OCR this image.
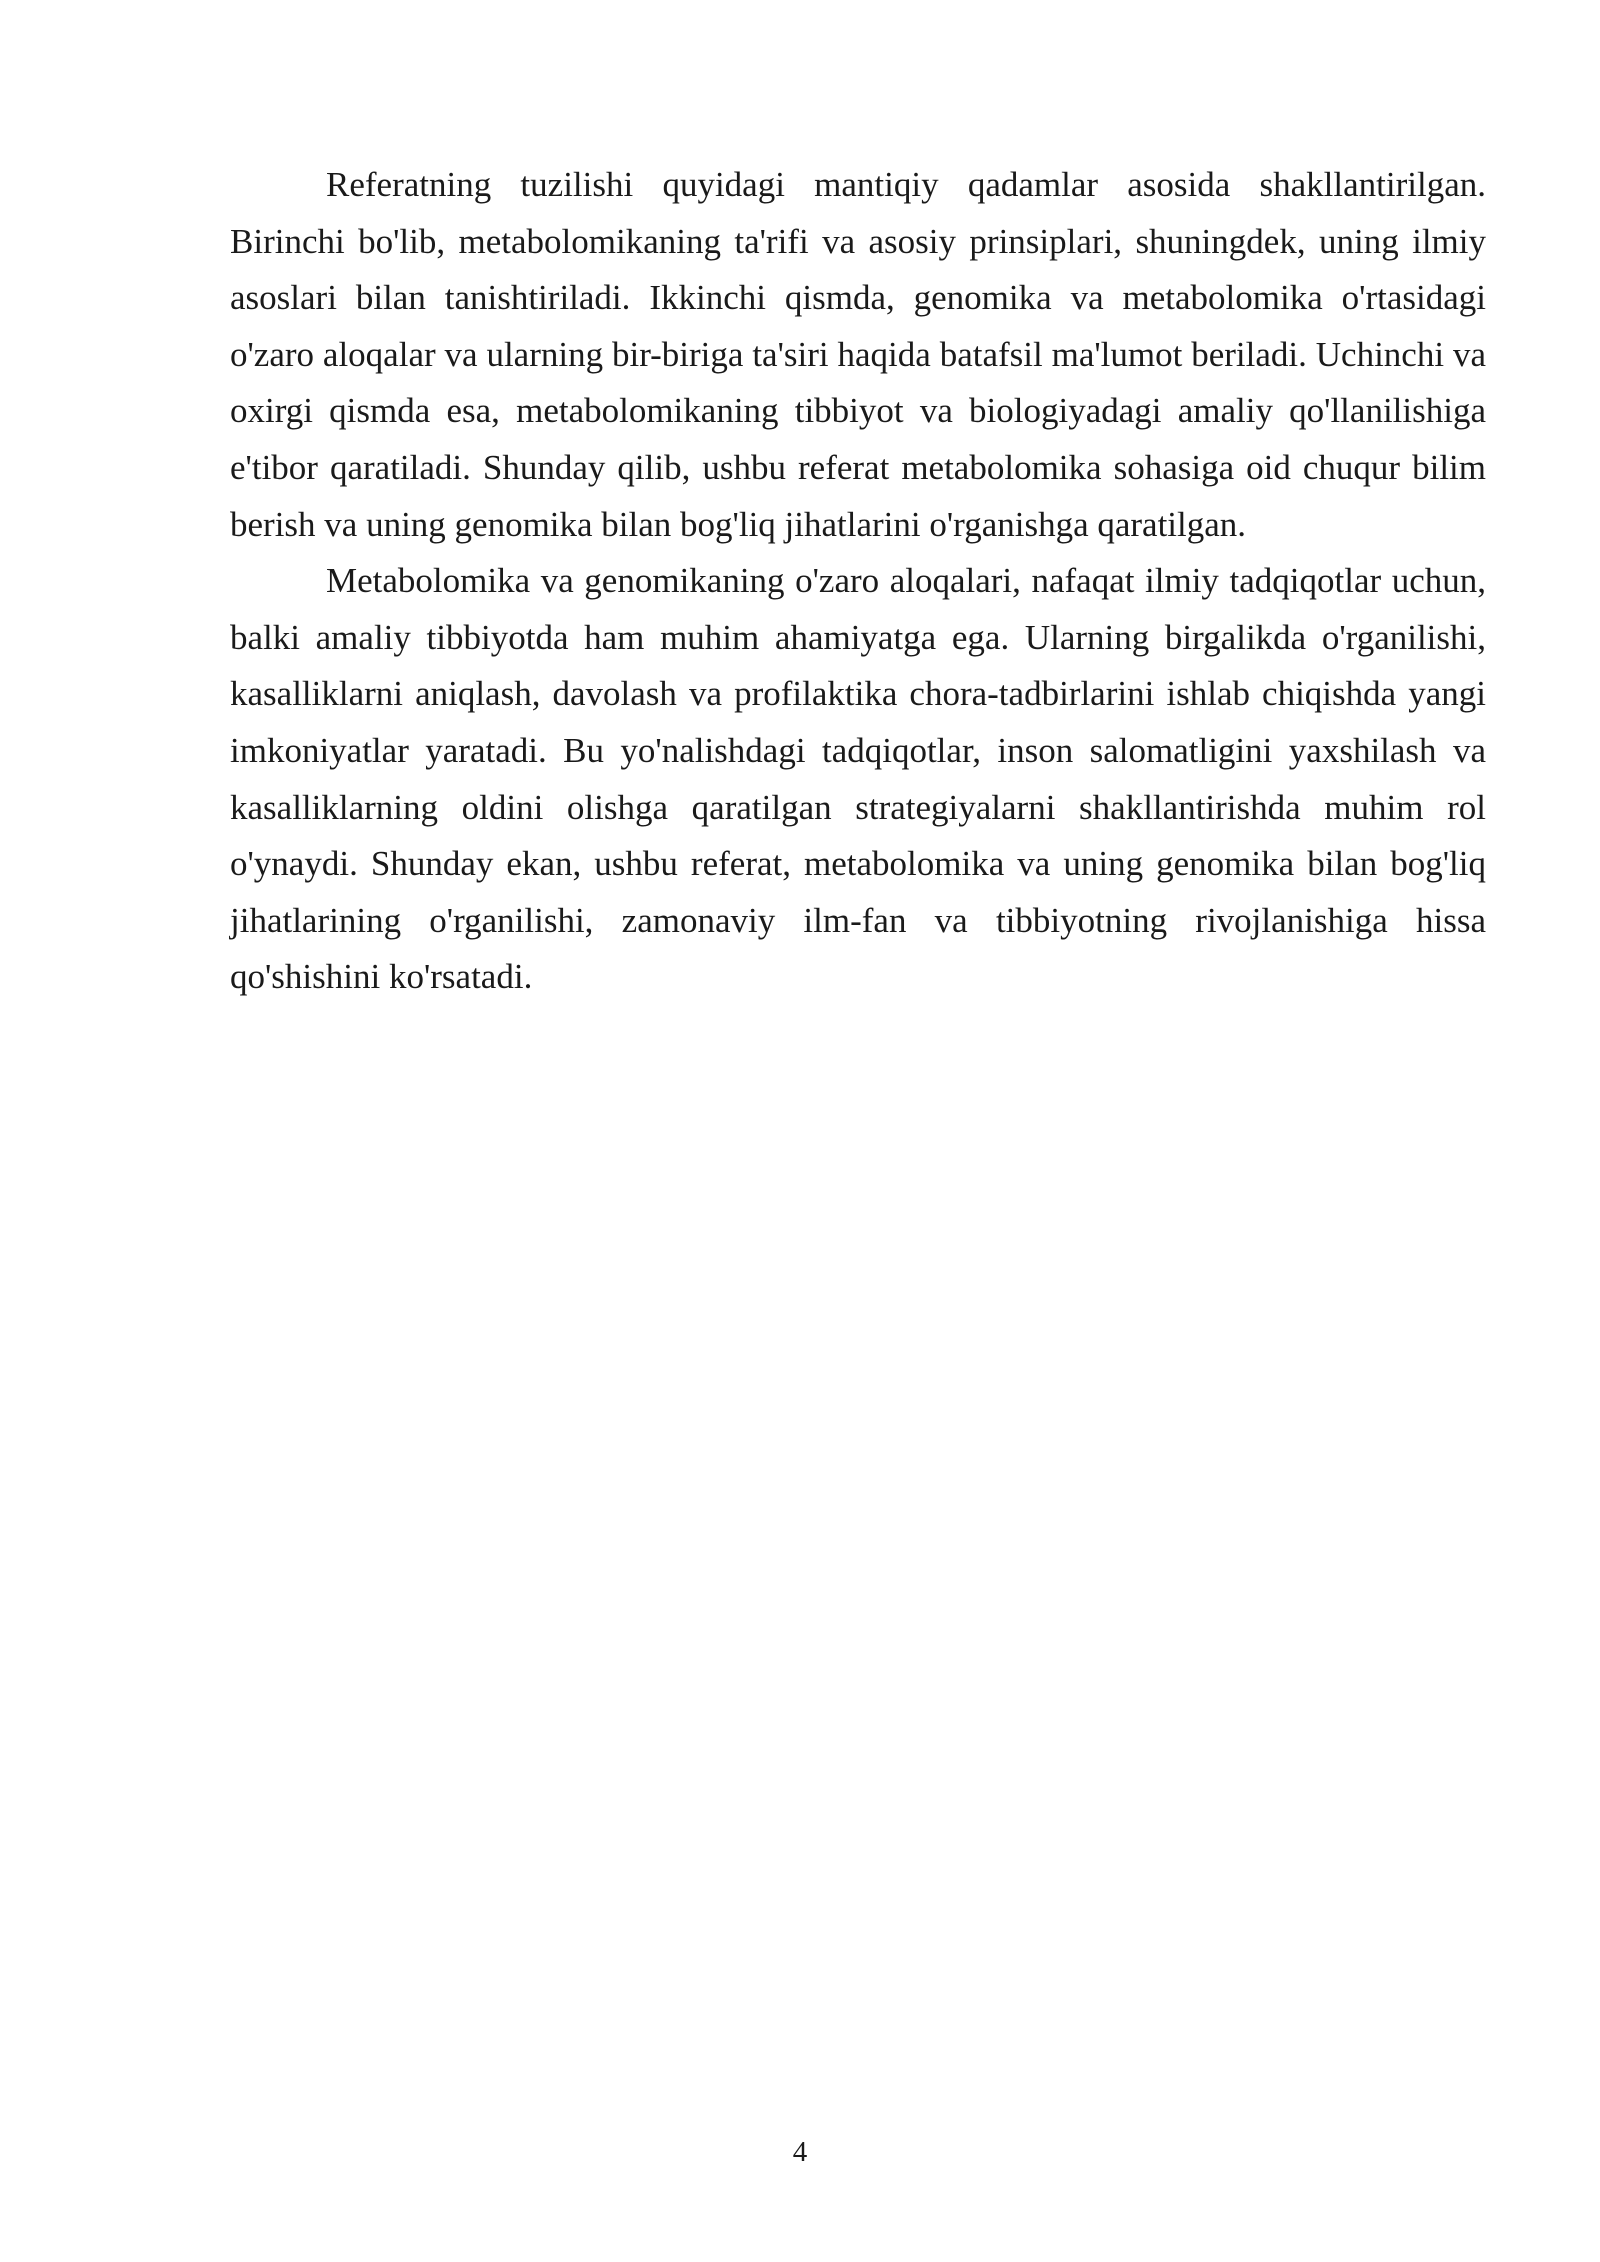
Referatning tuzilishi quyidagi mantiqiy qadamlar asosida shakllantirilgan. Birinchi bo'lib, metabolomikaning ta'rifi va asosiy prinsiplari, shuningdek, uning ilmiy asoslari bilan tanishtiriladi. Ikkinchi qismda, genomika va metabolomika o'rtasidagi o'zaro aloqalar va ularning bir-biriga ta'siri haqida batafsil ma'lumot beriladi. Uchinchi va oxirgi qismda esa, metabolomikaning tibbiyot va biologiyadagi amaliy qo'llanilishiga e'tibor qaratiladi. Shunday qilib, ushbu referat metabolomika sohasiga oid chuqur bilim berish va uning genomika bilan bog'liq jihatlarini o'rganishga qaratilgan.

Metabolomika va genomikaning o'zaro aloqalari, nafaqat ilmiy tadqiqotlar uchun, balki amaliy tibbiyotda ham muhim ahamiyatga ega. Ularning birgalikda o'rganilishi, kasalliklarni aniqlash, davolash va profilaktika chora-tadbirlarini ishlab chiqishda yangi imkoniyatlar yaratadi. Bu yo'nalishdagi tadqiqotlar, inson salomatligini yaxshilash va kasalliklarning oldini olishga qaratilgan strategiyalarni shakllantirishda muhim rol o'ynaydi. Shunday ekan, ushbu referat, metabolomika va uning genomika bilan bog'liq jihatlarining o'rganilishi, zamonaviy ilm-fan va tibbiyotning rivojlanishiga hissa qo'shishini ko'rsatadi.

4
